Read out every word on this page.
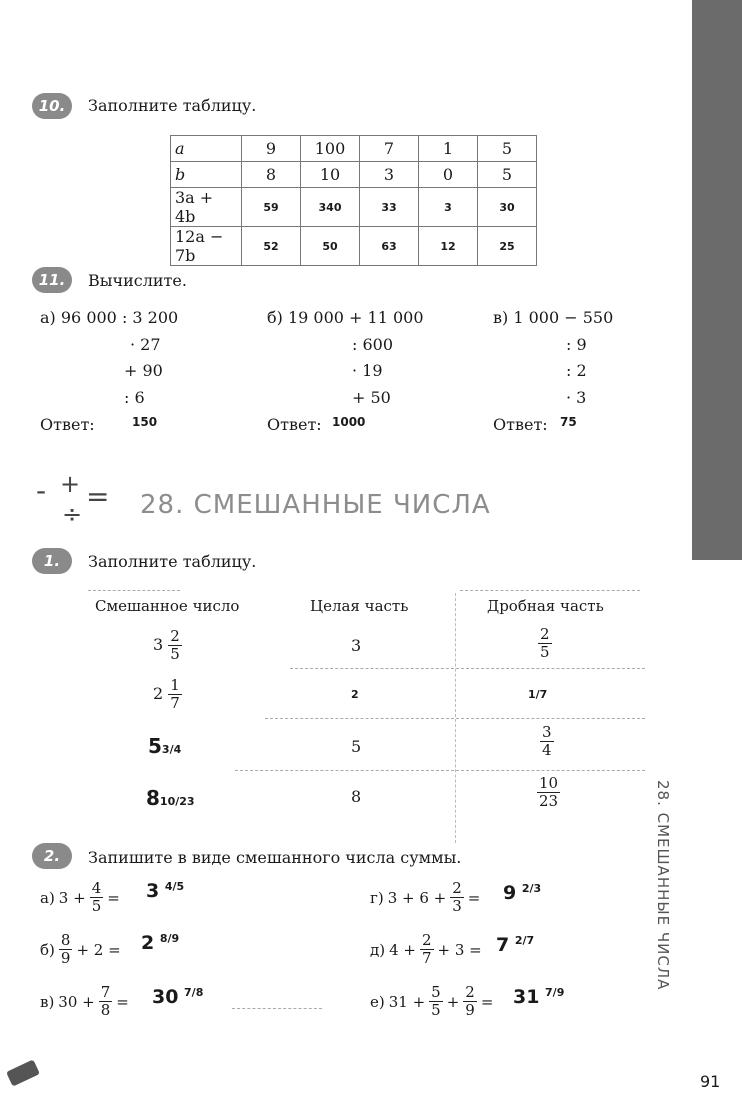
28. СМЕШАННЫЕ ЧИСЛА
10.	Заполните таблицу.
a	9	100	7	1	5
b	8	10	3	0	5
3a + 4b	59	340	33	3	30
12a − 7b	52	50	63	12	25
11.	Вычислите.
а) 96 000 : 3 200
· 27
+ 90
: 6
Ответ:	150
б) 19 000 + 11 000
: 600
· 19
+ 50
Ответ: 1000
в) 1 000 − 550
: 9
: 2
· 3
Ответ: 75
- + =
÷ 28. СМЕШАННЫЕ ЧИСЛА
1.	Заполните таблицу.
Смешанное число	Целая часть	Дробная часть
$3 \frac{2}{5}$	3	$\frac{2}{5}$
$2 \frac{1}{7}$	2	1/7
53/4	5	$\frac{3}{4}$
810/23	8	$\frac{10}{23}$
2.	Запишите в виде смешанного числа суммы.
а) $3 + \frac{4}{5} = 3$ $^{4/5}$
$б) \frac{8}{9} + 2 = 2$ $^{8/9}$
в) $30 + \frac{7}{8} = 30$ $^{7/8}$
г) $3 + 6 + \frac{2}{3} = 9$ $^{2/3}$
д) $4 + \frac{2}{7} + 3 = 7$ $^{2/7}$
е) $31 + \frac{5}{5} + \frac{2}{9} = 31$ $^{7/9}$
91
